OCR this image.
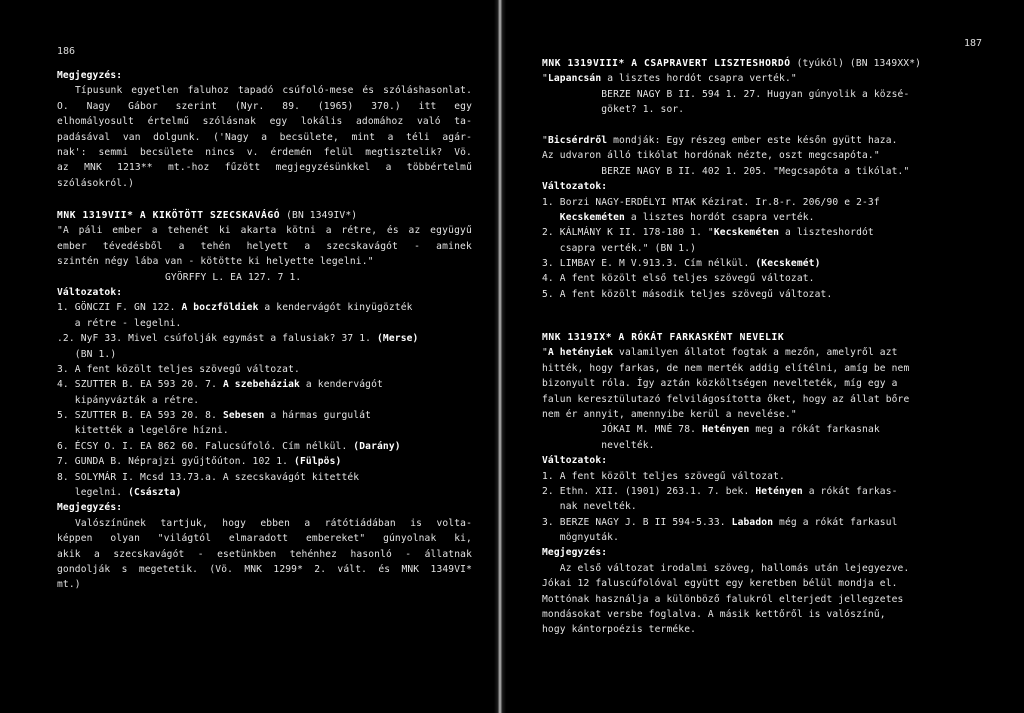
186
Megjegyzés:
Típusunk egyetlen faluhoz tapadó csúfoló-mese és szóláshasonlat. O. Nagy Gábor szerint (Nyr. 89. (1965) 370.) itt egy
elhomályosult értelmű szólásnak egy lokális adomához való ta-
padásával van dolgunk. ('Nagy a becsülete, mint a téli agár-
nak': semmi becsülete nincs v. érdemén felül megtisztelik? Vö.
az MNK 1213** mt.-hoz fűzött megjegyzésünkkel a többértelmű
szólásokról.)
MNK 1319VII* A KIKÖTÖTT SZECSKAVÁGÓ (BN 1349IV*)
"A páli ember a tehenét ki akarta kötni a rétre, és az együgyű
ember tévedésből a tehén helyett a szecskavágót - aminek
szintén négy lába van - kötötte ki helyette legelni."
GYÖRFFY L. EA 127. 7 1.
Változatok:
1. GÖNCZI F. GN 122. A boczföldiek a kendervágót kinyügözték
a rétre - legelni.
.2. NyF 33. Mivel csúfolják egymást a falusiak? 37 1. (Merse)
(BN 1.)
3. A fent közölt teljes szövegű változat.
4. SZUTTER B. EA 593 20. 7. A szebeháziak a kendervágót
kipányvázták a rétre.
5. SZUTTER B. EA 593 20. 8. Sebesen a hármas gurgulát
kitették a legelőre hízni.
6. ÉCSY O. I. EA 862 60. Falucsúfoló. Cím nélkül. (Darány)
7. GUNDA B. Néprajzi gyűjtőúton. 102 1. (Fülpös)
8. SOLYMÁR I. Mcsd 13.73.a. A szecskavágót kitették
legelni. (Császta)
Megjegyzés:
Valószínűnek tartjuk, hogy ebben a rátótiádában is volta-
képpen olyan "világtól elmaradott embereket" gúnyolnak ki,
akik a szecskavágót - esetünkben tehénhez hasonló - állatnak
gondolják s megetetik. (Vö. MNK 1299* 2. vált. és MNK 1349VI*
mt.)
187
MNK 1319VIII* A CSAPRAVERT LISZTESHORDÓ (tyúkól) (BN 1349XX*)
"Lapancsán a lisztes hordót csapra verték."
BERZE NAGY B II. 594 1. 27. Hugyan gúnyolik a közsé-
göket? 1. sor.
"Bicsérdről mondják: Egy részeg ember este későn gyütt haza.
Az udvaron álló tikólat hordónak nézte, oszt megcsapóta."
BERZE NAGY B II. 402 1. 205. "Megcsapóta a tikólat."
Változatok:
1. Borzi NAGY-ERDÉLYI MTAK Kézirat. Ir.8-r. 206/90 e 2-3f
Kecskeméten a lisztes hordót csapra verték.
2. KÁLMÁNY K II. 178-180 1. "Kecskeméten a liszteshordót
csapra verték." (BN 1.)
3. LIMBAY E. M V.913.3. Cím nélkül. (Kecskemét)
4. A fent közölt első teljes szövegű változat.
5. A fent közölt második teljes szövegű változat.
MNK 1319IX* A RÓKÁT FARKASKÉNT NEVELIK
"A hetényiek valamilyen állatot fogtak a mezőn, amelyről azt
hitték, hogy farkas, de nem merték addig elítélni, amíg be nem
bizonyult róla. Így aztán közköltségen nevelteték, míg egy a
falun keresztülutazó felvilágosította őket, hogy az állat bőre
nem ér annyit, amennyibe kerül a nevelése."
JÓKAI M. MNÉ 78. Hetényen meg a rókát farkasnak
nevelték.
Változatok:
1. A fent közölt teljes szövegű változat.
2. Ethn. XII. (1901) 263.1. 7. bek. Hetényen a rókát farkas-
nak nevelték.
3. BERZE NAGY J. B II 594-5.33. Labadon még a rókát farkasul
mögnyuták.
Megjegyzés:
Az első változat irodalmi szöveg, hallomás után lejegyezve.
Jókai 12 faluscúfolóval együtt egy keretben bélül mondja el.
Mottónak használja a különböző falukról elterjedt jellegzetes
mondásokat versbe foglalva. A másik kettőről is valószínű,
hogy kántorpoézis terméke.
